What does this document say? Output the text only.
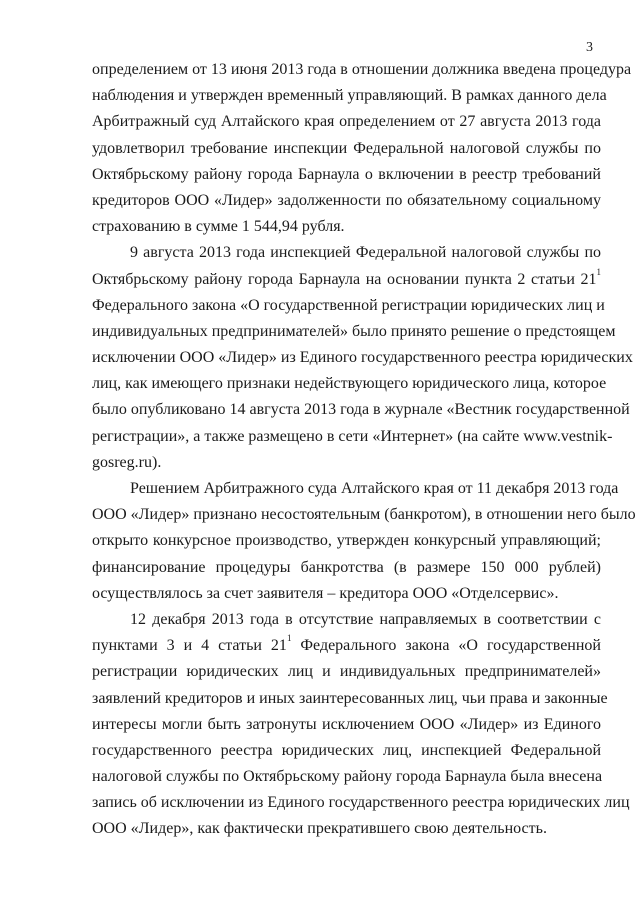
3
определением от 13 июня 2013 года в отношении должника введена процедура
наблюдения и утвержден временный управляющий. В рамках данного дела
Арбитражный суд Алтайского края определением от 27 августа 2013 года
удовлетворил требование инспекции Федеральной налоговой службы по
Октябрьскому району города Барнаула о включении в реестр требований
кредиторов ООО «Лидер» задолженности по обязательному социальному
страхованию в сумме 1 544,94 рубля.
9 августа 2013 года инспекцией Федеральной налоговой службы по
Октябрьскому району города Барнаула на основании пункта 2 статьи $21^1$
Федерального закона «О государственной регистрации юридических лиц и
индивидуальных предпринимателей» было принято решение о предстоящем
исключении ООО «Лидер» из Единого государственного реестра юридических
лиц, как имеющего признаки недействующего юридического лица, которое
было опубликовано 14 августа 2013 года в журнале «Вестник государственной
регистрации», а также размещено в сети «Интернет» (на сайте www.vestnik-
gosreg.ru).
Решением Арбитражного суда Алтайского края от 11 декабря 2013 года
ООО «Лидер» признано несостоятельным (банкротом), в отношении него было
открыто конкурсное производство, утвержден конкурсный управляющий;
финансирование процедуры банкротства (в размере 150 000 рублей)
осуществлялось за счет заявителя – кредитора ООО «Отделсервис».
12 декабря 2013 года в отсутствие направляемых в соответствии с
пунктами 3 и 4 статьи $21^1$ Федерального закона «О государственной
регистрации юридических лиц и индивидуальных предпринимателей»
заявлений кредиторов и иных заинтересованных лиц, чьи права и законные
интересы могли быть затронуты исключением ООО «Лидер» из Единого
государственного реестра юридических лиц, инспекцией Федеральной
налоговой службы по Октябрьскому району города Барнаула была внесена
запись об исключении из Единого государственного реестра юридических лиц
ООО «Лидер», как фактически прекратившего свою деятельность.
